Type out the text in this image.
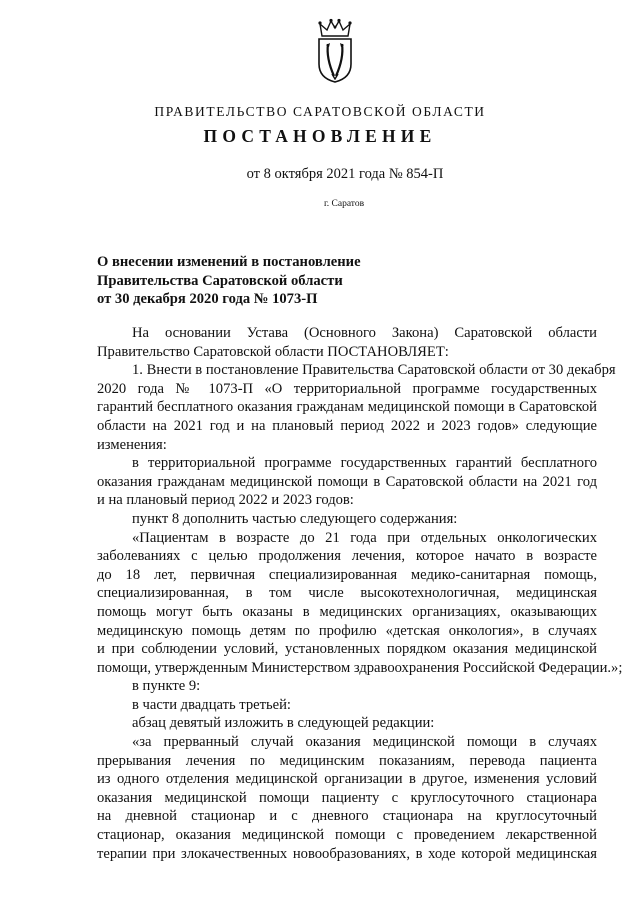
ПРАВИТЕЛЬСТВО САРАТОВСКОЙ ОБЛАСТИ
ПОСТАНОВЛЕНИЕ
от 8 октября 2021 года № 854-П
г. Саратов
О внесении изменений в постановление
Правительства Саратовской области
от 30 декабря 2020 года № 1073-П
На основании Устава (Основного Закона) Саратовской области
Правительство Саратовской области ПОСТАНОВЛЯЕТ:
1. Внести в постановление Правительства Саратовской области от 30 декабря
2020 года № 1073-П «О территориальной программе государственных
гарантий бесплатного оказания гражданам медицинской помощи в Саратовской
области на 2021 год и на плановый период 2022 и 2023 годов» следующие
изменения:
в территориальной программе государственных гарантий бесплатного
оказания гражданам медицинской помощи в Саратовской области на 2021 год
и на плановый период 2022 и 2023 годов:
пункт 8 дополнить частью следующего содержания:
«Пациентам в возрасте до 21 года при отдельных онкологических
заболеваниях с целью продолжения лечения, которое начато в возрасте
до 18 лет, первичная специализированная медико-санитарная помощь,
специализированная, в том числе высокотехнологичная, медицинская
помощь могут быть оказаны в медицинских организациях, оказывающих
медицинскую помощь детям по профилю «детская онкология», в случаях
и при соблюдении условий, установленных порядком оказания медицинской
помощи, утвержденным Министерством здравоохранения Российской Федерации.»;
в пункте 9:
в части двадцать третьей:
абзац девятый изложить в следующей редакции:
«за прерванный случай оказания медицинской помощи в случаях
прерывания лечения по медицинским показаниям, перевода пациента
из одного отделения медицинской организации в другое, изменения условий
оказания медицинской помощи пациенту с круглосуточного стационара
на дневной стационар и с дневного стационара на круглосуточный
стационар, оказания медицинской помощи с проведением лекарственной
терапии при злокачественных новообразованиях, в ходе которой медицинская
